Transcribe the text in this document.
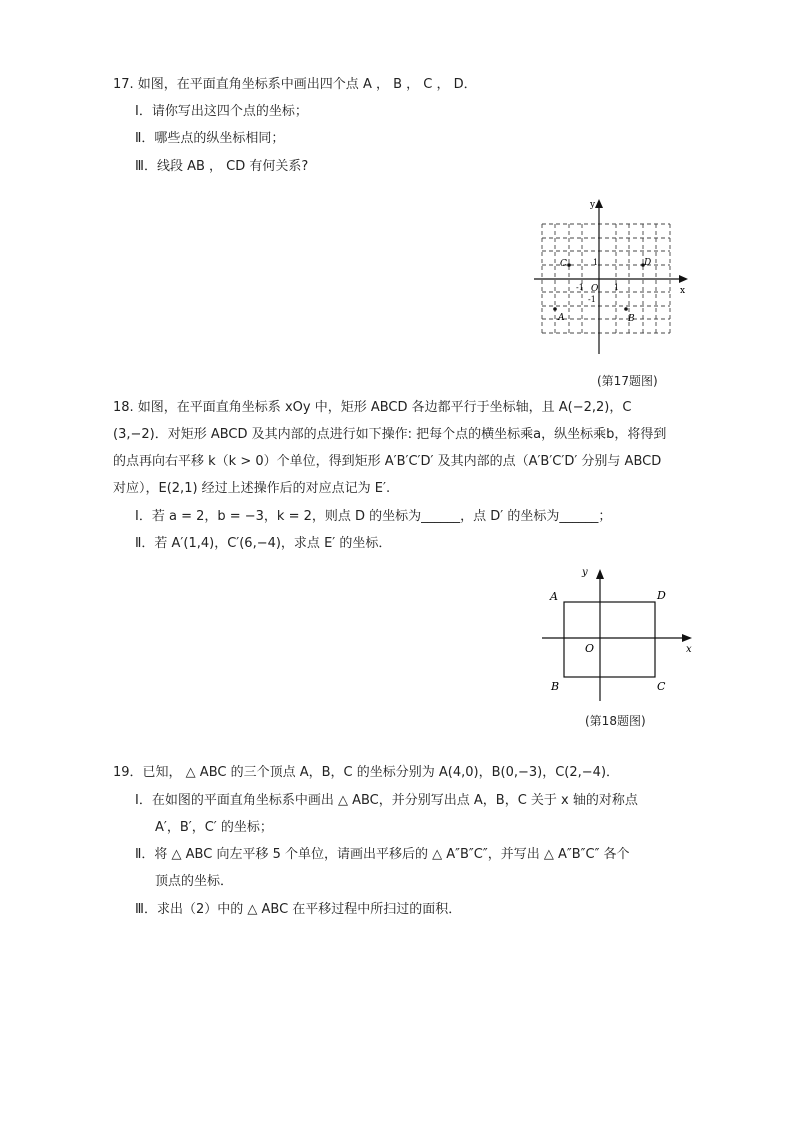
17. 如图，在平面直角坐标系中画出四个点 A ， B ， C ， D．
Ⅰ．请你写出这四个点的坐标；
Ⅱ．哪些点的纵坐标相同；
Ⅲ．线段 AB ， CD 有何关系?
x
y
O
1
1
-1
-1
C	D
A	B
(第17题图)
18. 如图，在平面直角坐标系 xOy 中，矩形 ABCD 各边都平行于坐标轴，且 A(−2,2)，C
(3,−2)．对矩形 ABCD 及其内部的点进行如下操作: 把每个点的横坐标乘a，纵坐标乘b，将得到
的点再向右平移 k（k > 0）个单位，得到矩形 A′B′C′D′ 及其内部的点（A′B′C′D′ 分别与 ABCD
对应），E(2,1) 经过上述操作后的对应点记为 E′.
Ⅰ．若 a = 2，b = −3，k = 2，则点 D 的坐标为______，点 D′ 的坐标为______；
Ⅱ．若 A′(1,4)，C′(6,−4)，求点 E′ 的坐标．
x
y
O
A	D
B	C
(第18题图)
19．已知， △ ABC 的三个顶点 A，B，C 的坐标分别为 A(4,0)，B(0,−3)，C(2,−4)．
Ⅰ．在如图的平面直角坐标系中画出 △ ABC，并分别写出点 A，B，C 关于 x 轴的对称点
A′，B′，C′ 的坐标；
Ⅱ．将 △ ABC 向左平移 5 个单位，请画出平移后的 △ A″B″C″，并写出 △ A″B″C″ 各个
顶点的坐标．
Ⅲ．求出（2）中的 △ ABC 在平移过程中所扫过的面积．
